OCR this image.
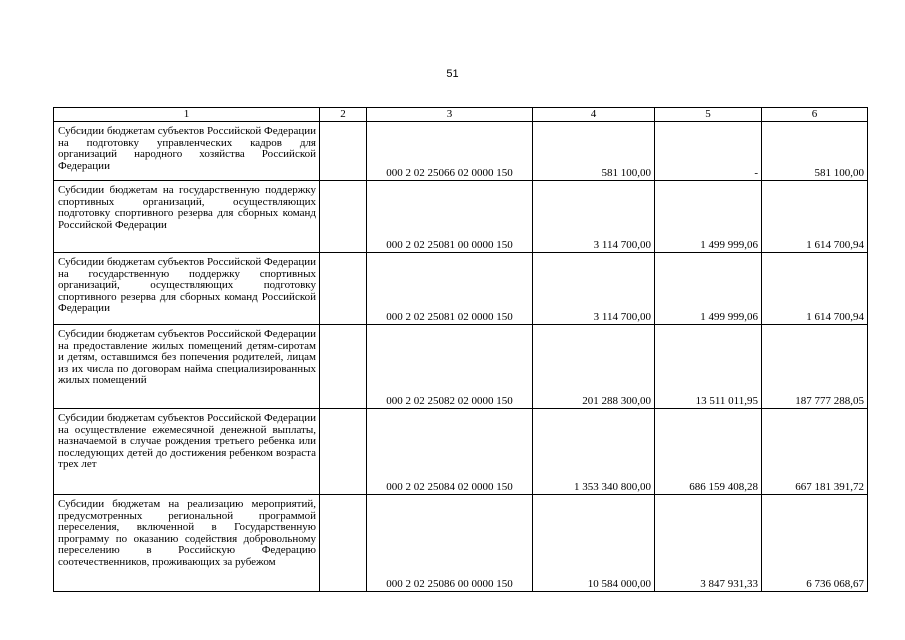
51
1	2	3	4	5	6
Субсидии бюджетам субъектов Российской Федерации на подготовку управленческих кадров для организаций народного хозяйства Российской Федерации		000 2 02 25066 02 0000 150	581 100,00	-	581 100,00
Субсидии бюджетам на государственную поддержку спортивных организаций, осуществляющих подготовку спортивного резерва для сборных команд Российской Федерации		000 2 02 25081 00 0000 150	3 114 700,00	1 499 999,06	1 614 700,94
Субсидии бюджетам субъектов Российской Федерации на государственную поддержку спортивных организаций, осуществляющих подготовку спортивного резерва для сборных команд Российской Федерации		000 2 02 25081 02 0000 150	3 114 700,00	1 499 999,06	1 614 700,94
Субсидии бюджетам субъектов Российской Федерации на предоставление жилых помещений детям-сиротам и детям, оставшимся без попечения родителей, лицам из их числа по договорам найма специализированных жилых помещений		000 2 02 25082 02 0000 150	201 288 300,00	13 511 011,95	187 777 288,05
Субсидии бюджетам субъектов Российской Федерации на осуществление ежемесячной денежной выплаты, назначаемой в случае рождения третьего ребенка или последующих детей до достижения ребенком возраста трех лет		000 2 02 25084 02 0000 150	1 353 340 800,00	686 159 408,28	667 181 391,72
Субсидии бюджетам на реализацию мероприятий, предусмотренных региональной программой переселения, включенной в Государственную программу по оказанию содействия добровольному переселению в Российскую Федерацию соотечественников, проживающих за рубежом		000 2 02 25086 00 0000 150	10 584 000,00	3 847 931,33	6 736 068,67
